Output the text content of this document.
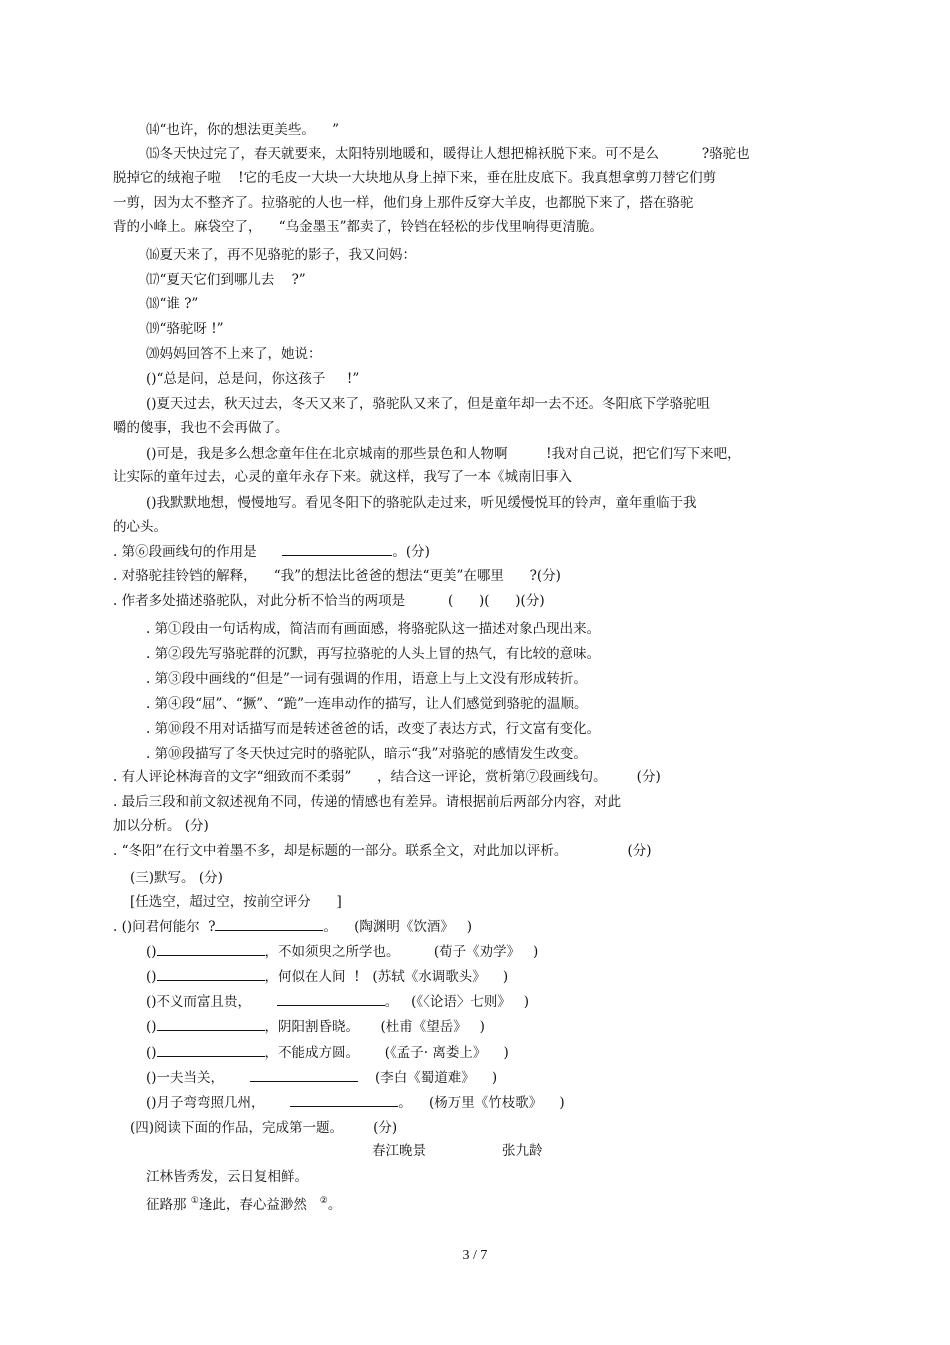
⒁“也许，你的想法更美些。    ”
⒂冬天快过完了，春天就要来，太阳特别地暖和，暖得让人想把棉袄脱下来。可不是么          ?骆驼也
脱掉它的绒袍子啦    !它的毛皮一大块一大块地从身上掉下来，垂在肚皮底下。我真想拿剪刀替它们剪
一剪，因为太不整齐了。拉骆驼的人也一样，他们身上那件反穿大羊皮，也都脱下来了，搭在骆驼
背的小峰上。麻袋空了，    “乌金墨玉”都卖了，铃铛在轻松的步伐里响得更清脆。
⒃夏天来了，再不见骆驼的影子，我又问妈：
⒄“夏天它们到哪儿去    ?”
⒅“谁 ?”
⒆“骆驼呀 !”
⒇妈妈回答不上来了，她说：
()“总是问，总是问，你这孩子     !”
()夏天过去，秋天过去，冬天又来了，骆驼队又来了，但是童年却一去不还。冬阳底下学骆驼咀
嚼的傻事，我也不会再做了。
()可是，我是多么想念童年住在北京城南的那些景色和人物啊         !我对自己说，把它们写下来吧，
让实际的童年过去，心灵的童年永存下来。就这样，我写了一本《城南旧事入
()我默默地想，慢慢地写。看见冬阳下的骆驼队走过来，听见缓慢悦耳的铃声，童年重临于我
的心头。
. 第⑥段画线句的作用是	。(分)
. 对骆驼挂铃铛的解释，    “我”的想法比爸爸的想法“更美”在哪里      ?(分)
. 作者多处描述骆驼队，对此分析不恰当的两项是          (      )(      )(分)
. 第①段由一句话构成，简洁而有画面感，将骆驼队这一描述对象凸现出来。
. 第②段先写骆驼群的沉默，再写拉骆驼的人头上冒的热气，有比较的意味。
. 第③段中画线的“但是”一词有强调的作用，语意上与上文没有形成转折。
. 第④段“屈”、“撅”、“跪”一连串动作的描写，让人们感觉到骆驼的温顺。
. 第⑩段不用对话描写而是转述爸爸的话，改变了表达方式，行文富有变化。
. 第⑩段描写了冬天快过完时的骆驼队，暗示“我”对骆驼的感情发生改变。
. 有人评论林海音的文字“细致而不柔弱”      ，结合这一评论，赏析第⑦段画线句。       (分)
. 最后三段和前文叙述视角不同，传递的情感也有差异。请根据前后两部分内容，对此
加以分析。 (分)
. “冬阳”在行文中着墨不多，却是标题的一部分。联系全文，对此加以评析。              (分)
(三)默写。 (分)
[任选空，超过空，按前空评分      ]
. ()问君何能尔  ?	。    (陶渊明《饮酒》   )
()	，不如须臾之所学也。        (荀子《劝学》   )
()	，何似在人间  !   (苏轼《水调歌头》    )
()不义而富且贵，	。   (《〈论语〉七则》   )
()	，阴阳割昏晓。     (杜甫《望岳》   )
()	，不能成方圆。      (《孟子· 离娄上》    )
()一夫当关，	(李白《蜀道难》    )
()月子弯弯照几州，	。    (杨万里《竹枝歌》    )
(四)阅读下面的作品，完成第一题。       (分)
春江晚景	张九龄
江林皆秀发，云日复相鲜。
征路那 ①逢此，春心益渺然   ②。
3 / 7
